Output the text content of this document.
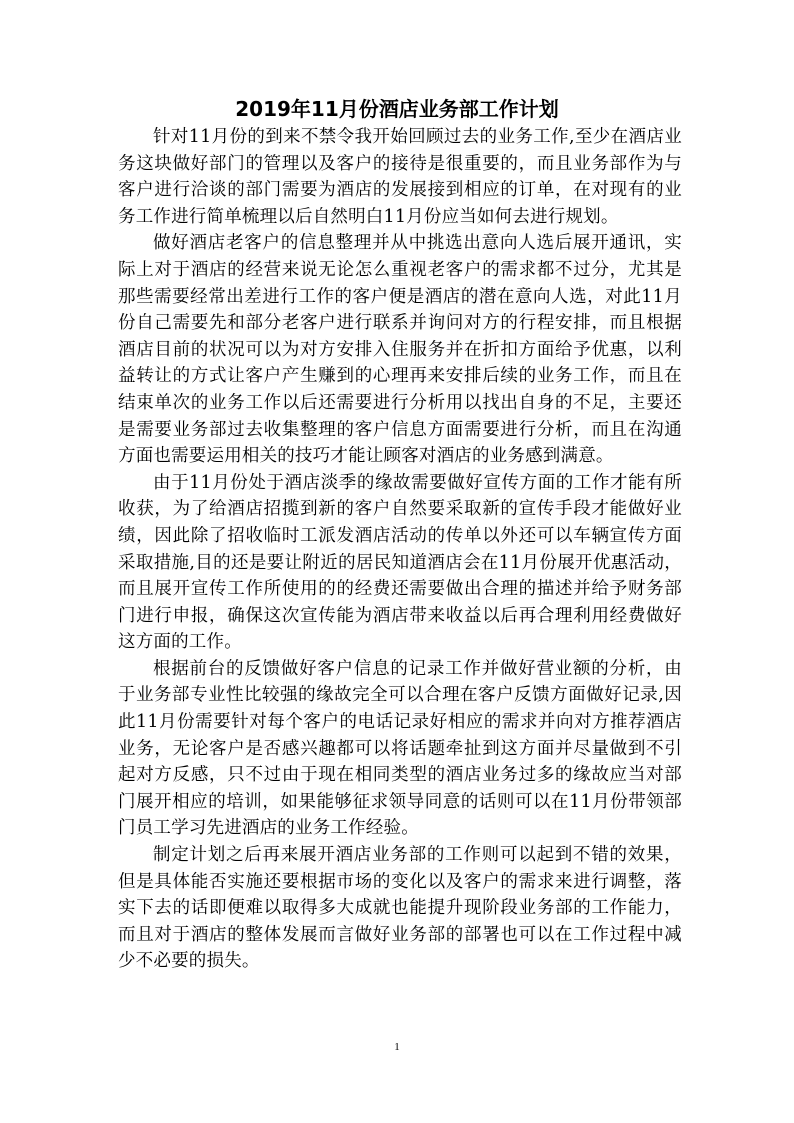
2019年11月份酒店业务部工作计划

针对11月份的到来不禁令我开始回顾过去的业务工作,至少在酒店业务这块做好部门的管理以及客户的接待是很重要的，而且业务部作为与客户进行洽谈的部门需要为酒店的发展接到相应的订单，在对现有的业务工作进行简单梳理以后自然明白11月份应当如何去进行规划。

做好酒店老客户的信息整理并从中挑选出意向人选后展开通讯，实际上对于酒店的经营来说无论怎么重视老客户的需求都不过分，尤其是那些需要经常出差进行工作的客户便是酒店的潜在意向人选，对此11月份自己需要先和部分老客户进行联系并询问对方的行程安排，而且根据酒店目前的状况可以为对方安排入住服务并在折扣方面给予优惠，以利益转让的方式让客户产生赚到的心理再来安排后续的业务工作，而且在结束单次的业务工作以后还需要进行分析用以找出自身的不足，主要还是需要业务部过去收集整理的客户信息方面需要进行分析，而且在沟通方面也需要运用相关的技巧才能让顾客对酒店的业务感到满意。

由于11月份处于酒店淡季的缘故需要做好宣传方面的工作才能有所收获，为了给酒店招揽到新的客户自然要采取新的宣传手段才能做好业绩，因此除了招收临时工派发酒店活动的传单以外还可以车辆宣传方面采取措施,目的还是要让附近的居民知道酒店会在11月份展开优惠活动，而且展开宣传工作所使用的的经费还需要做出合理的描述并给予财务部门进行申报，确保这次宣传能为酒店带来收益以后再合理利用经费做好这方面的工作。

根据前台的反馈做好客户信息的记录工作并做好营业额的分析，由于业务部专业性比较强的缘故完全可以合理在客户反馈方面做好记录,因此11月份需要针对每个客户的电话记录好相应的需求并向对方推荐酒店业务，无论客户是否感兴趣都可以将话题牵扯到这方面并尽量做到不引起对方反感，只不过由于现在相同类型的酒店业务过多的缘故应当对部门展开相应的培训，如果能够征求领导同意的话则可以在11月份带领部门员工学习先进酒店的业务工作经验。

制定计划之后再来展开酒店业务部的工作则可以起到不错的效果，但是具体能否实施还要根据市场的变化以及客户的需求来进行调整，落实下去的话即便难以取得多大成就也能提升现阶段业务部的工作能力，而且对于酒店的整体发展而言做好业务部的部署也可以在工作过程中减少不必要的损失。

1
